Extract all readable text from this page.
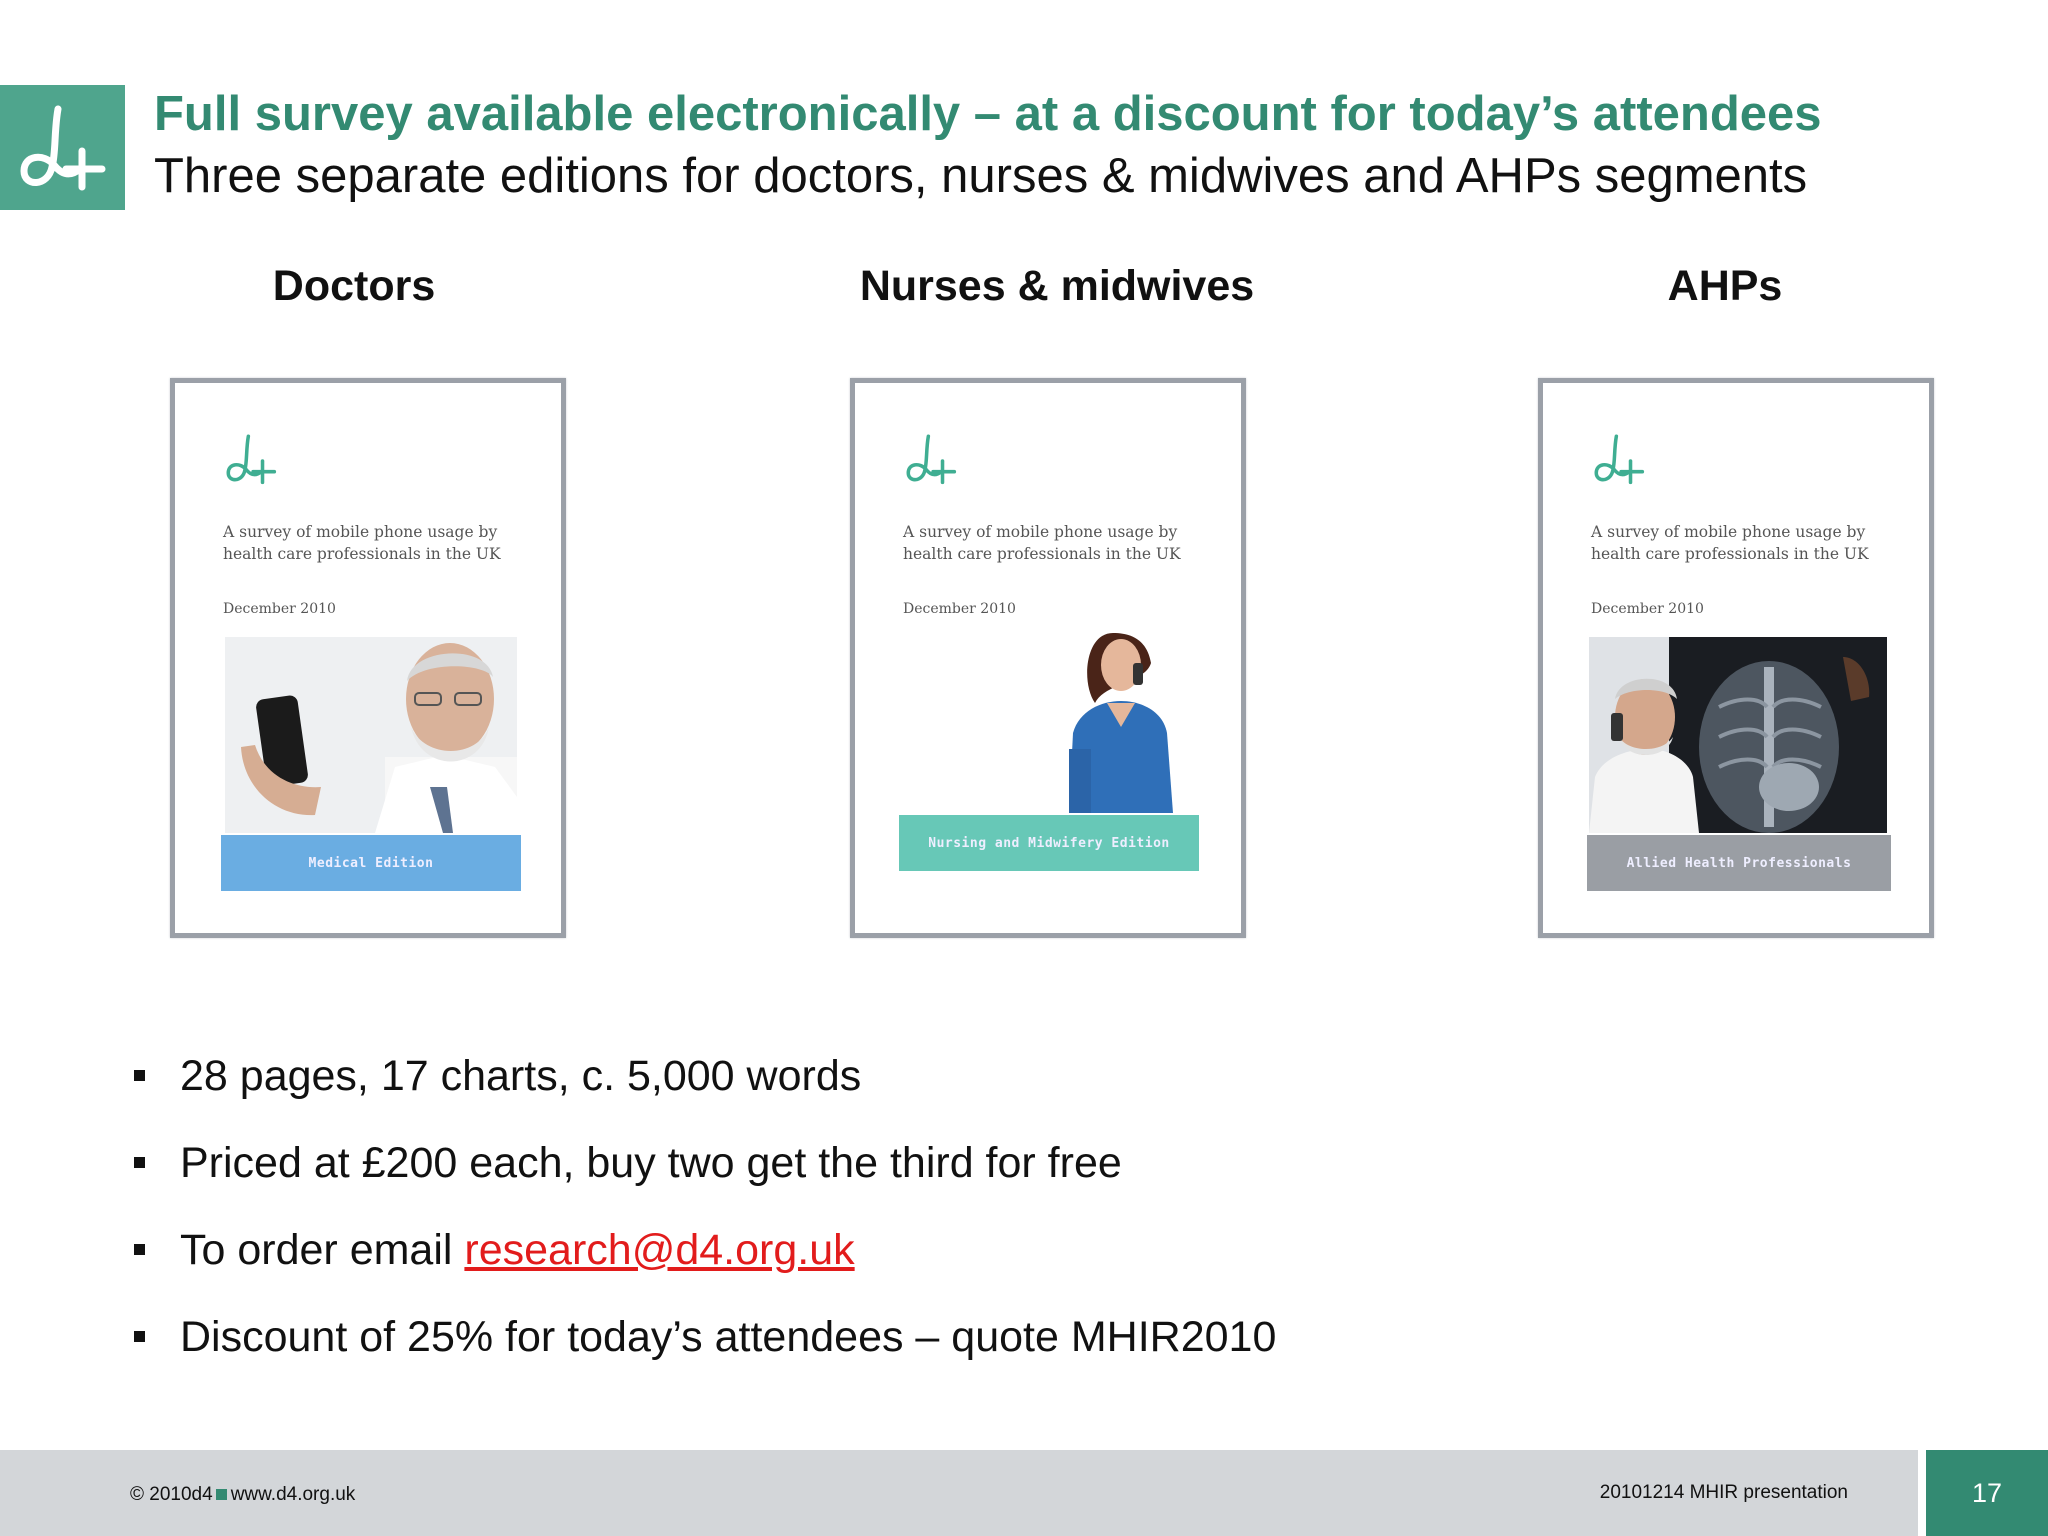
Full survey available electronically – at a discount for today’s attendees
Three separate editions for doctors, nurses & midwives and AHPs segments
Doctors	Nurses & midwives	AHPs
A survey of mobile phone usage by health care professionals in the UK
December 2010
Medical Edition
A survey of mobile phone usage by health care professionals in the UK
December 2010
Nursing and Midwifery Edition
A survey of mobile phone usage by health care professionals in the UK
December 2010
Allied Health Professionals
28 pages, 17 charts, c. 5,000 words
Priced at £200 each, buy two get the third for free
To order email research@d4.org.uk
Discount of 25% for today’s attendees – quote MHIR2010
© 2010d4 www.d4.org.uk	20101214 MHIR presentation	17
